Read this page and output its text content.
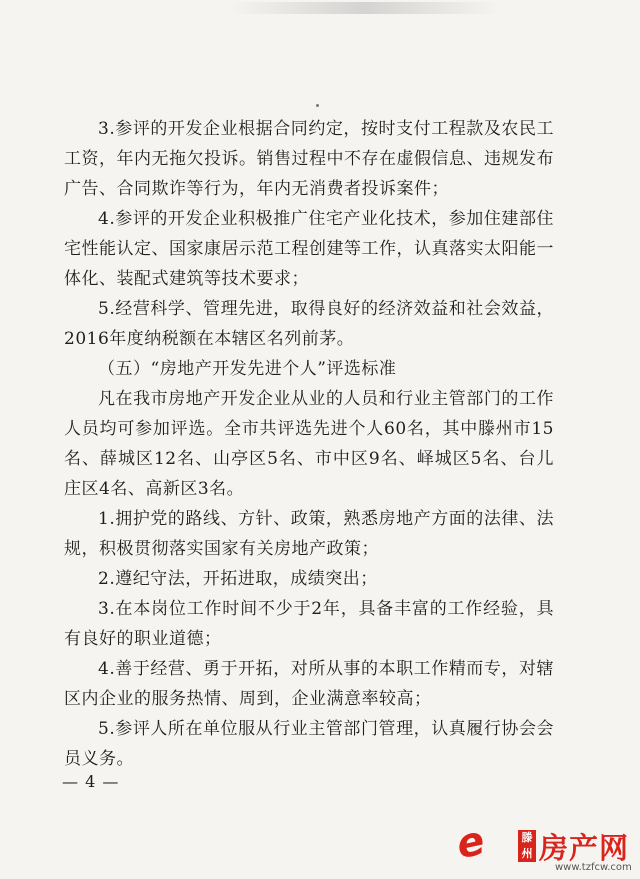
3.参评的开发企业根据合同约定，按时支付工程款及农民工工资，年内无拖欠投诉。销售过程中不存在虚假信息、违规发布广告、合同欺诈等行为，年内无消费者投诉案件；

4.参评的开发企业积极推广住宅产业化技术，参加住建部住宅性能认定、国家康居示范工程创建等工作，认真落实太阳能一体化、装配式建筑等技术要求；

5.经营科学、管理先进，取得良好的经济效益和社会效益，2016年度纳税额在本辖区名列前茅。

（五）“房地产开发先进个人”评选标准

凡在我市房地产开发企业从业的人员和行业主管部门的工作人员均可参加评选。全市共评选先进个人60名，其中滕州市15名、薛城区12名、山亭区5名、市中区9名、峄城区5名、台儿庄区4名、高新区3名。

1.拥护党的路线、方针、政策，熟悉房地产方面的法律、法规，积极贯彻落实国家有关房地产政策；

2.遵纪守法，开拓进取，成绩突出；

3.在本岗位工作时间不少于2年，具备丰富的工作经验，具有良好的职业道德；

4.善于经营、勇于开拓，对所从事的本职工作精而专，对辖区内企业的服务热情、周到，企业满意率较高；

5.参评人所在单位服从行业主管部门管理，认真履行协会会员义务。

— 4 —
e	滕州 房产网
www.tzfcw.com
